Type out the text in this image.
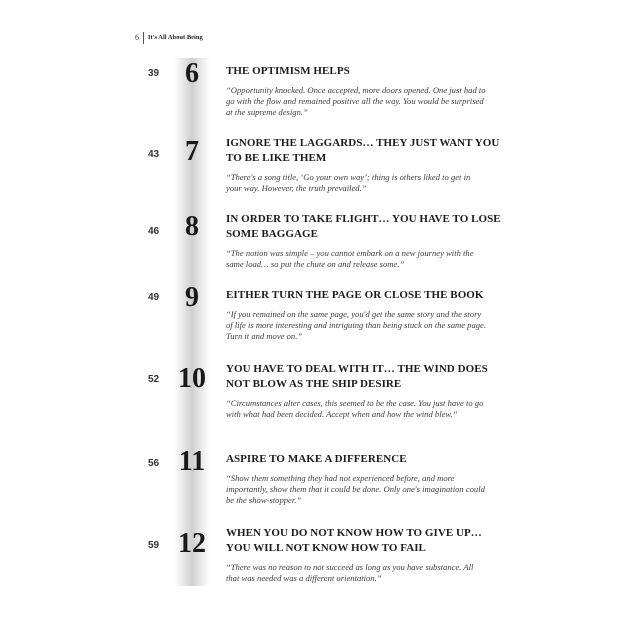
6 It's All About Being
39 6	THE OPTIMISM HELPS
“Opportunity knocked. Once accepted, more doors opened. One just had to go with the flow and remained positive all the way. You would be surprised at the supreme design.”
43 7	IGNORE THE LAGGARDS… THEY JUST WANT YOU TO BE LIKE THEM
“There's a song title, ‘Go your own way’; thing is others liked to get in your way. However, the truth prevailed.”
46 8	IN ORDER TO TAKE FLIGHT… YOU HAVE TO LOSE SOME BAGGAGE
“The notion was simple – you cannot embark on a new journey with the same load… so put the chute on and release some.”
49 9	EITHER TURN THE PAGE OR CLOSE THE BOOK
“If you remained on the same page, you'd get the same story and the story of life is more interesting and intriguing than being stuck on the same page. Turn it and move on.”
52 10	YOU HAVE TO DEAL WITH IT… THE WIND DOES NOT BLOW AS THE SHIP DESIRE
“Circumstances alter cases, this seemed to be the case. You just have to go with what had been decided. Accept when and how the wind blew.”
56 11	ASPIRE TO MAKE A DIFFERENCE
“Show them something they had not experienced before, and more importantly, show them that it could be done. Only one's imagination could be the show-stopper.”
59 12	WHEN YOU DO NOT KNOW HOW TO GIVE UP… YOU WILL NOT KNOW HOW TO FAIL
“There was no reason to not succeed as long as you have substance. All that was needed was a different orientation.”
